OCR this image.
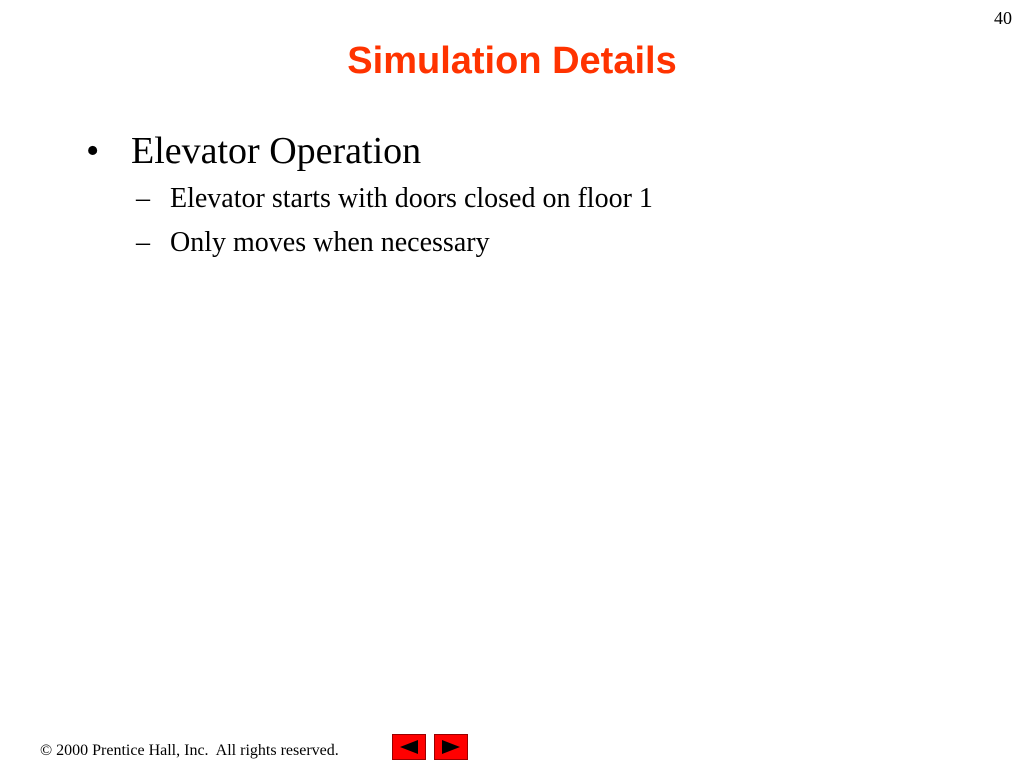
40
Simulation Details
• Elevator Operation
– Elevator starts with doors closed on floor 1
– Only moves when necessary
© 2000 Prentice Hall, Inc.  All rights reserved.
